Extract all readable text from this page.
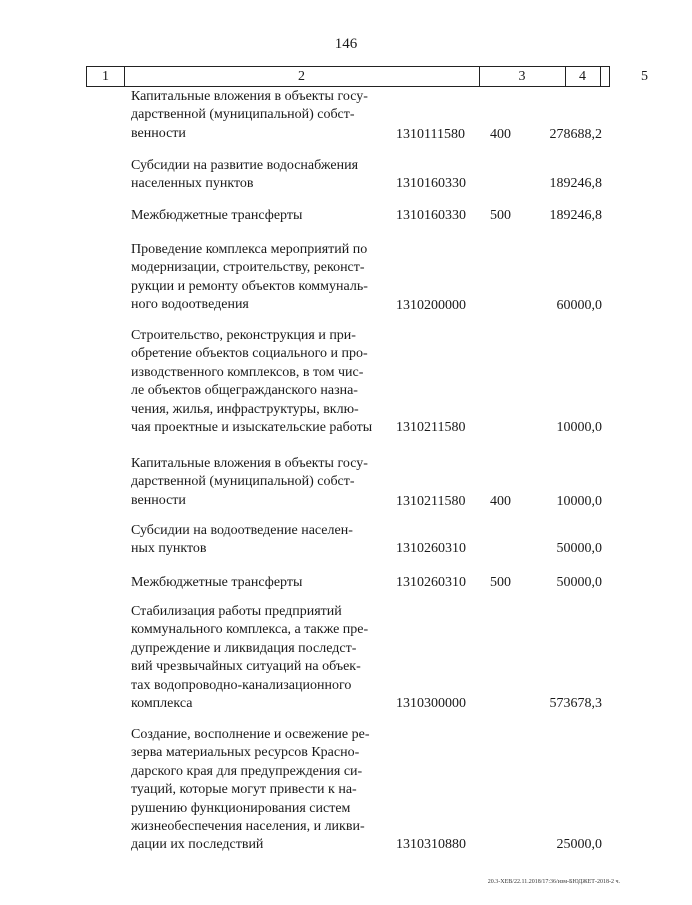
146
1	2	3	4	5
Капитальные вложения в объекты госу-
дарственной (муниципальной) собст-
венности	1310111580 400	278688,2
Субсидии на развитие водоснабжения
населенных пунктов	1310160330	189246,8
Межбюджетные трансферты	1310160330 500	189246,8
Проведение комплекса мероприятий по
модернизации, строительству, реконст-
рукции и ремонту объектов коммуналь-
ного водоотведения	1310200000	60000,0
Строительство, реконструкция и при-
обретение объектов социального и про-
изводственного комплексов, в том чис-
ле объектов общегражданского назна-
чения, жилья, инфраструктуры, вклю-
чая проектные и изыскательские работы	1310211580	10000,0
Капитальные вложения в объекты госу-
дарственной (муниципальной) собст-
венности	1310211580 400	10000,0
Субсидии на водоотведение населен-
ных пунктов	1310260310	50000,0
Межбюджетные трансферты	1310260310 500	50000,0
Стабилизация работы предприятий
коммунального комплекса, а также пре-
дупреждение и ликвидация последст-
вий чрезвычайных ситуаций на объек-
тах водопроводно-канализационного
комплекса	1310300000	573678,3
Создание, восполнение и освежение ре-
зерва материальных ресурсов Красно-
дарского края для предупреждения си-
туаций, которые могут привести к на-
рушению функционирования систем
жизнеобеспечения населения, и ликви-
дации их последствий	1310310880	25000,0
20.3-ХЕВ/22.11.2018/17:36/изм-БЮДЖЕТ-2018-2 ч.
